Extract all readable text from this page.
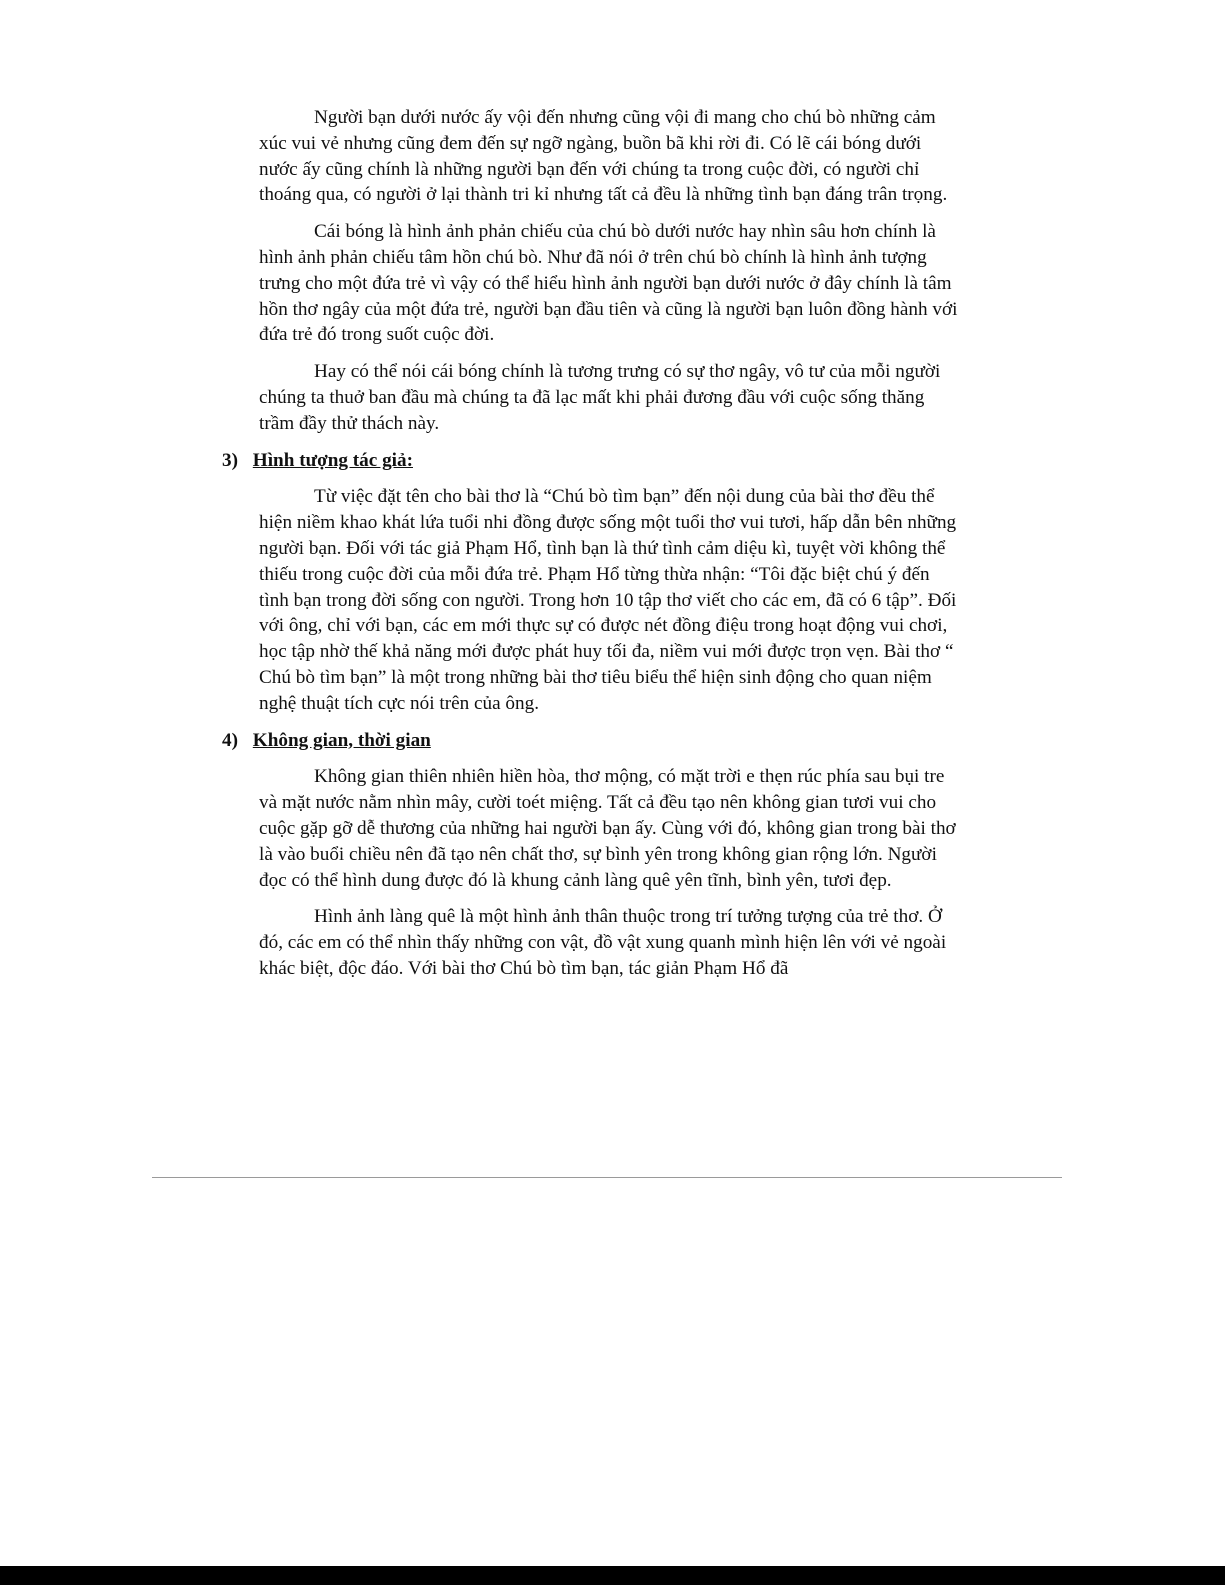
Người bạn dưới nước ấy vội đến nhưng cũng vội đi mang cho chú bò những cảm xúc vui vẻ nhưng cũng đem đến sự ngỡ ngàng, buồn bã khi rời đi. Có lẽ cái bóng dưới nước ấy cũng chính là những người bạn đến với chúng ta trong cuộc đời, có người chỉ thoáng qua, có người ở lại thành tri kỉ nhưng tất cả đều là những tình bạn đáng trân trọng.

Cái bóng là hình ảnh phản chiếu của chú bò dưới nước hay nhìn sâu hơn chính là hình ảnh phản chiếu tâm hồn chú bò. Như đã nói ở trên chú bò chính là hình ảnh tượng trưng cho một đứa trẻ vì vậy có thể hiểu hình ảnh người bạn dưới nước ở đây chính là tâm hồn thơ ngây của một đứa trẻ, người bạn đầu tiên và cũng là người bạn luôn đồng hành với đứa trẻ đó trong suốt cuộc đời.

Hay có thể nói cái bóng chính là tương trưng có sự thơ ngây, vô tư của mỗi người chúng ta thuở ban đầu mà chúng ta đã lạc mất khi phải đương đầu với cuộc sống thăng trầm đầy thử thách này.

3) Hình tượng tác giả:

Từ việc đặt tên cho bài thơ là “Chú bò tìm bạn” đến nội dung của bài thơ đều thể hiện niềm khao khát lứa tuổi nhi đồng được sống một tuổi thơ vui tươi, hấp dẫn bên những người bạn. Đối với tác giả Phạm Hổ, tình bạn là thứ tình cảm diệu kì, tuyệt vời không thể thiếu trong cuộc đời của mỗi đứa trẻ. Phạm Hổ từng thừa nhận: “Tôi đặc biệt chú ý đến tình bạn trong đời sống con người. Trong hơn 10 tập thơ viết cho các em, đã có 6 tập”. Đối với ông, chỉ với bạn, các em mới thực sự có được nét đồng điệu trong hoạt động vui chơi, học tập nhờ thế khả năng mới được phát huy tối đa, niềm vui mới được trọn vẹn. Bài thơ “ Chú bò tìm bạn” là một trong những bài thơ tiêu biểu thể hiện sinh động cho quan niệm nghệ thuật tích cực nói trên của ông.

4) Không gian, thời gian

Không gian thiên nhiên hiền hòa, thơ mộng, có mặt trời e thẹn rúc phía sau bụi tre và mặt nước nằm nhìn mây, cười toét miệng. Tất cả đều tạo nên không gian tươi vui cho cuộc gặp gỡ dễ thương của những hai người bạn ấy. Cùng với đó, không gian trong bài thơ là vào buổi chiều nên đã tạo nên chất thơ, sự bình yên trong không gian rộng lớn. Người đọc có thể hình dung được đó là khung cảnh làng quê yên tĩnh, bình yên, tươi đẹp.

Hình ảnh làng quê là một hình ảnh thân thuộc trong trí tưởng tượng của trẻ thơ. Ở đó, các em có thể nhìn thấy những con vật, đồ vật xung quanh mình hiện lên với vẻ ngoài khác biệt, độc đáo. Với bài thơ Chú bò tìm bạn, tác giản Phạm Hổ đã
